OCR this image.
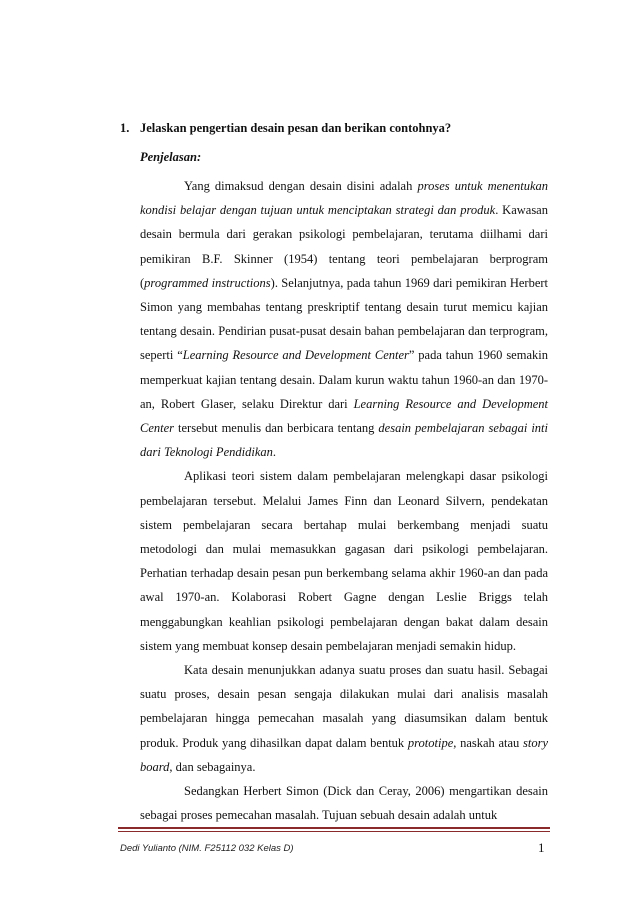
1. Jelaskan pengertian desain pesan dan berikan contohnya?

Penjelasan:

Yang dimaksud dengan desain disini adalah proses untuk menentukan kondisi belajar dengan tujuan untuk menciptakan strategi dan produk. Kawasan desain bermula dari gerakan psikologi pembelajaran, terutama diilhami dari pemikiran B.F. Skinner (1954) tentang teori pembelajaran berprogram (programmed instructions). Selanjutnya, pada tahun 1969 dari pemikiran Herbert Simon yang membahas tentang preskriptif tentang desain turut memicu kajian tentang desain. Pendirian pusat-pusat desain bahan pembelajaran dan terprogram, seperti “Learning Resource and Development Center” pada tahun 1960 semakin memperkuat kajian tentang desain. Dalam kurun waktu tahun 1960-an dan 1970-an, Robert Glaser, selaku Direktur dari Learning Resource and Development Center tersebut menulis dan berbicara tentang desain pembelajaran sebagai inti dari Teknologi Pendidikan.

Aplikasi teori sistem dalam pembelajaran melengkapi dasar psikologi pembelajaran tersebut. Melalui James Finn dan Leonard Silvern, pendekatan sistem pembelajaran secara bertahap mulai berkembang menjadi suatu metodologi dan mulai memasukkan gagasan dari psikologi pembelajaran. Perhatian terhadap desain pesan pun berkembang selama akhir 1960-an dan pada awal 1970-an. Kolaborasi Robert Gagne dengan Leslie Briggs telah menggabungkan keahlian psikologi pembelajaran dengan bakat dalam desain sistem yang membuat konsep desain pembelajaran menjadi semakin hidup.

Kata desain menunjukkan adanya suatu proses dan suatu hasil. Sebagai suatu proses, desain pesan sengaja dilakukan mulai dari analisis masalah pembelajaran hingga pemecahan masalah yang diasumsikan dalam bentuk produk. Produk yang dihasilkan dapat dalam bentuk prototipe, naskah atau story board, dan sebagainya.

Sedangkan Herbert Simon (Dick dan Ceray, 2006) mengartikan desain sebagai proses pemecahan masalah. Tujuan sebuah desain adalah untuk

Dedi Yulianto (NIM. F25112 032 Kelas D)	1
